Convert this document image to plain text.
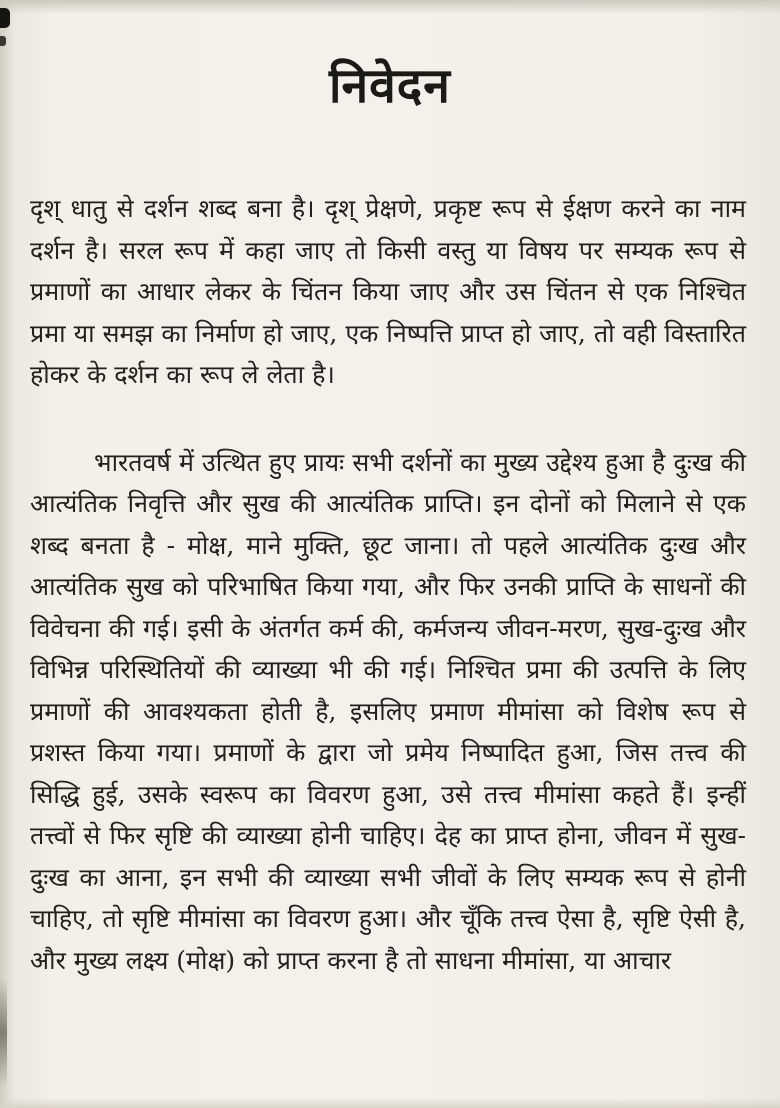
निवेदन

दृश् धातु से दर्शन शब्द बना है। दृश् प्रेक्षणे, प्रकृष्ट रूप से ईक्षण करने का नाम दर्शन है। सरल रूप में कहा जाए तो किसी वस्तु या विषय पर सम्यक रूप से प्रमाणों का आधार लेकर के चिंतन किया जाए और उस चिंतन से एक निश्चित प्रमा या समझ का निर्माण हो जाए, एक निष्पत्ति प्राप्त हो जाए, तो वही विस्तारित होकर के दर्शन का रूप ले लेता है।

भारतवर्ष में उत्थित हुए प्रायः सभी दर्शनों का मुख्य उद्देश्य हुआ है दुःख की आत्यंतिक निवृत्ति और सुख की आत्यंतिक प्राप्ति। इन दोनों को मिलाने से एक शब्द बनता है - मोक्ष, माने मुक्ति, छूट जाना। तो पहले आत्यंतिक दुःख और आत्यंतिक सुख को परिभाषित किया गया, और फिर उनकी प्राप्ति के साधनों की विवेचना की गई। इसी के अंतर्गत कर्म की, कर्मजन्य जीवन-मरण, सुख-दुःख और विभिन्न परिस्थितियों की व्याख्या भी की गई। निश्चित प्रमा की उत्पत्ति के लिए प्रमाणों की आवश्यकता होती है, इसलिए प्रमाण मीमांसा को विशेष रूप से प्रशस्त किया गया। प्रमाणों के द्वारा जो प्रमेय निष्पादित हुआ, जिस तत्त्व की सिद्धि हुई, उसके स्वरूप का विवरण हुआ, उसे तत्त्व मीमांसा कहते हैं। इन्हीं तत्त्वों से फिर सृष्टि की व्याख्या होनी चाहिए। देह का प्राप्त होना, जीवन में सुख-दुःख का आना, इन सभी की व्याख्या सभी जीवों के लिए सम्यक रूप से होनी चाहिए, तो सृष्टि मीमांसा का विवरण हुआ। और चूँकि तत्त्व ऐसा है, सृष्टि ऐसी है, और मुख्य लक्ष्य (मोक्ष) को प्राप्त करना है तो साधना मीमांसा, या आचार
